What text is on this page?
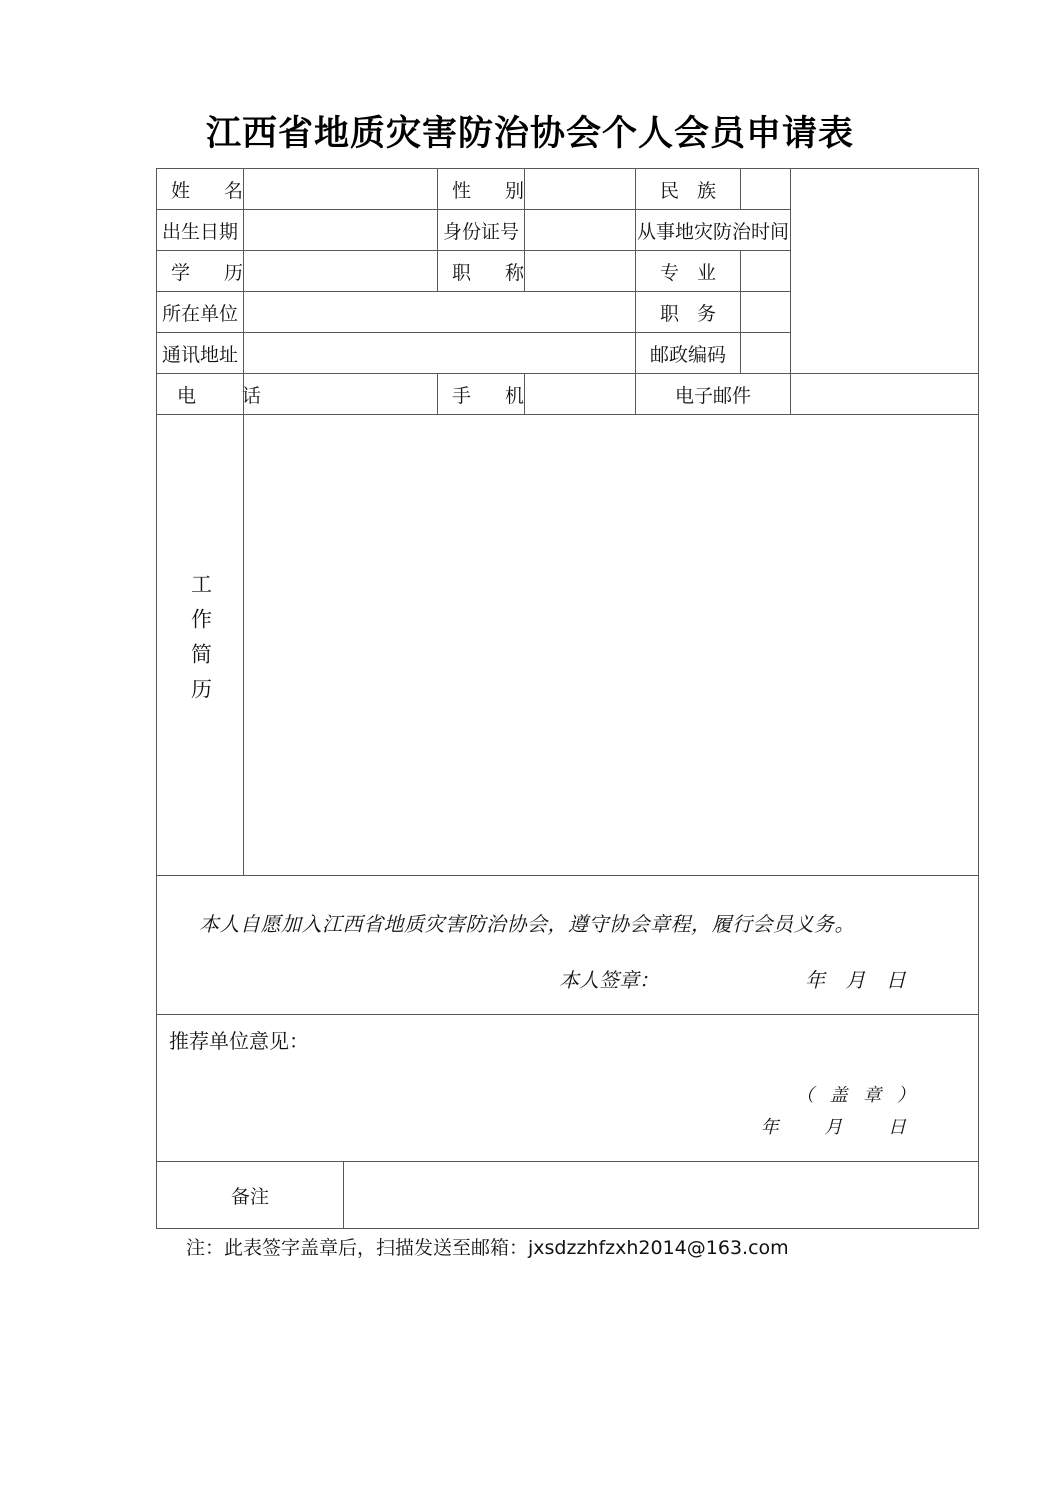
江西省地质灾害防治协会个人会员申请表
姓 名			性 别		民 族			
出生日期			身份证号		从事地灾防治时间			
学 历			职 称		专 业			
所在单位					职 务			
通讯地址					邮政编码			
电 话			手 机		电子邮件			
工作简历								

本人自愿加入江西省地质灾害防治协会，遵守协会章程，履行会员义务。
本人签章： 年 月 日								

推荐单位意见：
（ 盖 章 ）
年 月 日								

备注								
注：此表签字盖章后，扫描发送至邮箱：jxsdzzhfzxh2014@163.com
